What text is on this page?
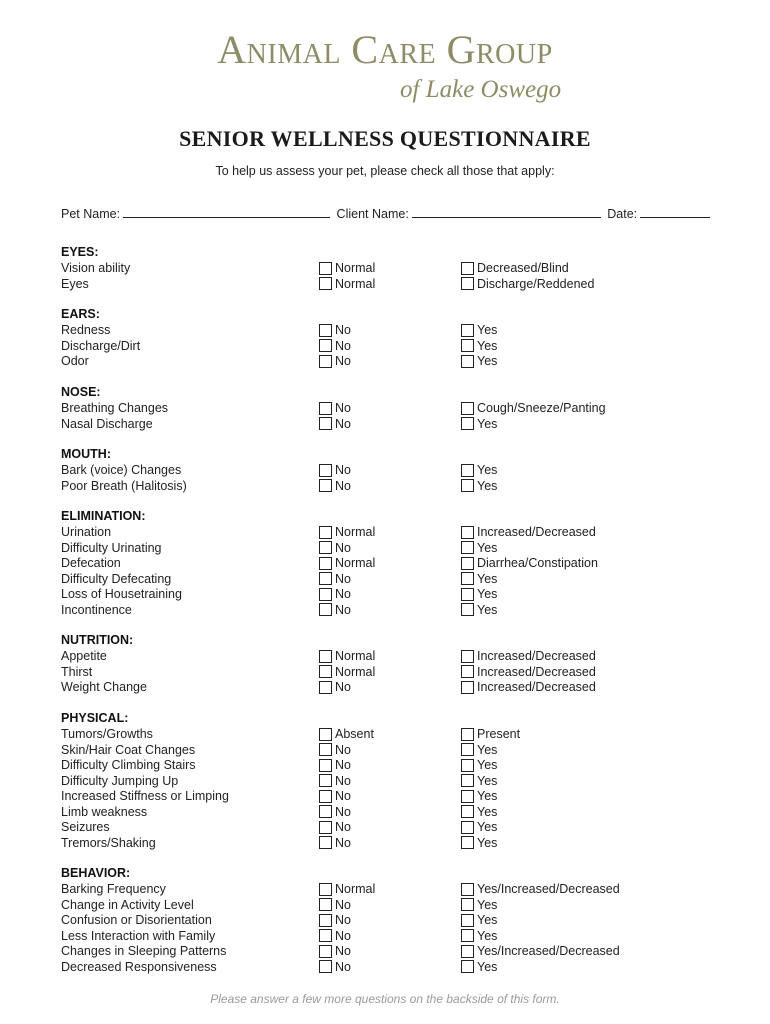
Animal Care Group
of Lake Oswego
SENIOR WELLNESS QUESTIONNAIRE
To help us assess your pet, please check all those that apply:
Pet Name:	Client Name:	Date:
EYES:
Vision ability	Normal	Decreased/Blind
Eyes	Normal	Discharge/Reddened
EARS:
Redness	No	Yes
Discharge/Dirt	No	Yes
Odor	No	Yes
NOSE:
Breathing Changes	No	Cough/Sneeze/Panting
Nasal Discharge	No	Yes
MOUTH:
Bark (voice) Changes	No	Yes
Poor Breath (Halitosis)	No	Yes
ELIMINATION:
Urination	Normal	Increased/Decreased
Difficulty Urinating	No	Yes
Defecation	Normal	Diarrhea/Constipation
Difficulty Defecating	No	Yes
Loss of Housetraining	No	Yes
Incontinence	No	Yes
NUTRITION:
Appetite	Normal	Increased/Decreased
Thirst	Normal	Increased/Decreased
Weight Change	No	Increased/Decreased
PHYSICAL:
Tumors/Growths	Absent	Present
Skin/Hair Coat Changes	No	Yes
Difficulty Climbing Stairs	No	Yes
Difficulty Jumping Up	No	Yes
Increased Stiffness or Limping	No	Yes
Limb weakness	No	Yes
Seizures	No	Yes
Tremors/Shaking	No	Yes
BEHAVIOR:
Barking Frequency	Normal	Yes/Increased/Decreased
Change in Activity Level	No	Yes
Confusion or Disorientation	No	Yes
Less Interaction with Family	No	Yes
Changes in Sleeping Patterns	No	Yes/Increased/Decreased
Decreased Responsiveness	No	Yes
Please answer a few more questions on the backside of this form.
